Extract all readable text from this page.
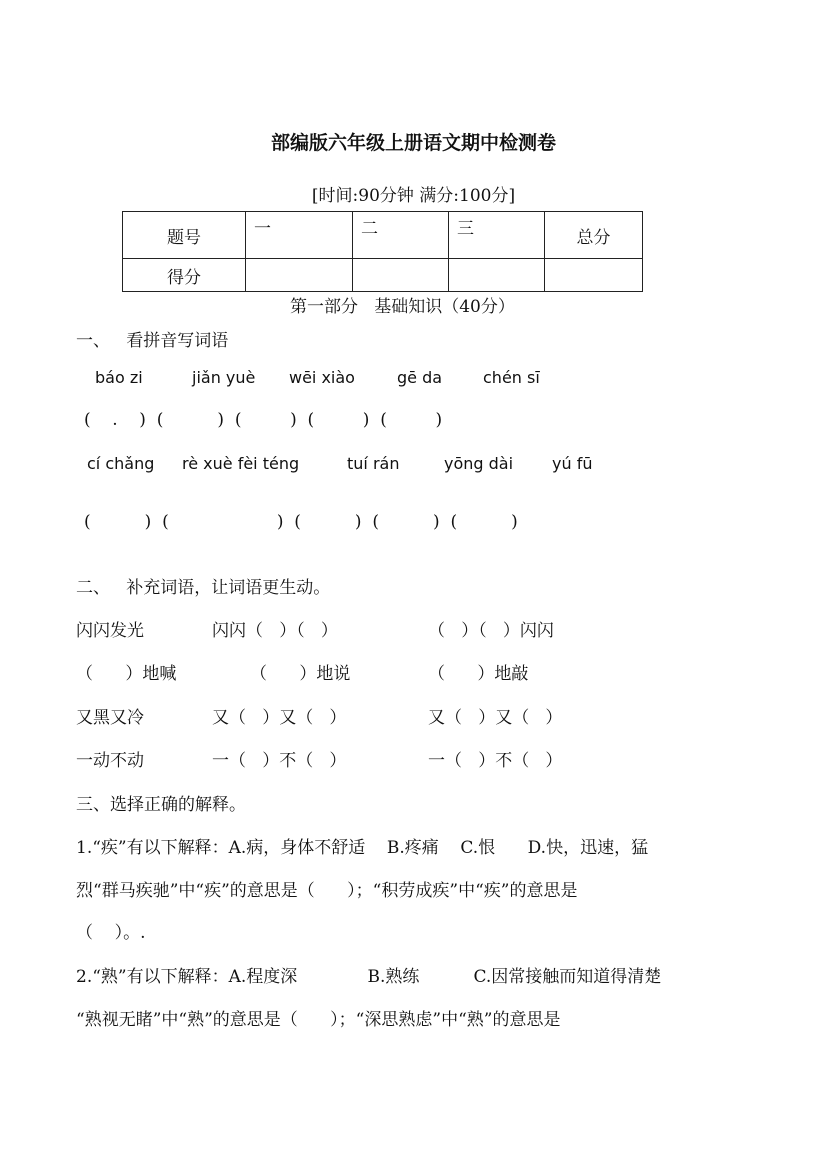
部编版六年级上册语文期中检测卷
[时间:90分钟 满分:100分]
题号	一	二	三	总分
得分				
第一部分   基础知识（40分）
一、   看拼音写词语
báo zi	jiǎn yuè wēi xiào	gē da	chén sī
(    .    )  (          )  (         )  (         )  (         )
cí chǎng rè xuè fèi téng	tuí rán	yōng dài yú fū
(          )  (                    )  (          )  (          )  (          )
二、   补充词语，让词语更生动。
闪闪发光	闪闪（   ）（   ）	（   ）（   ）闪闪
（      ）地喊	（      ）地说	（      ）地敲
又黑又冷	又（   ）又（   ）	又（   ）又（   ）
一动不动	一（   ）不（   ）	一（   ）不（   ）
三、选择正确的解释。
1.“疾”有以下解释：A.病，身体不舒适    B.疼痛    C.恨      D.快，迅速，猛
烈“群马疾驰”中“疾”的意思是（      ）；“积劳成疾”中“疾”的意思是
（    ）。.
2.“熟”有以下解释：A.程度深             B.熟练          C.因常接触而知道得清楚
“熟视无睹”中“熟”的意思是（      ）；“深思熟虑”中“熟”的意思是
